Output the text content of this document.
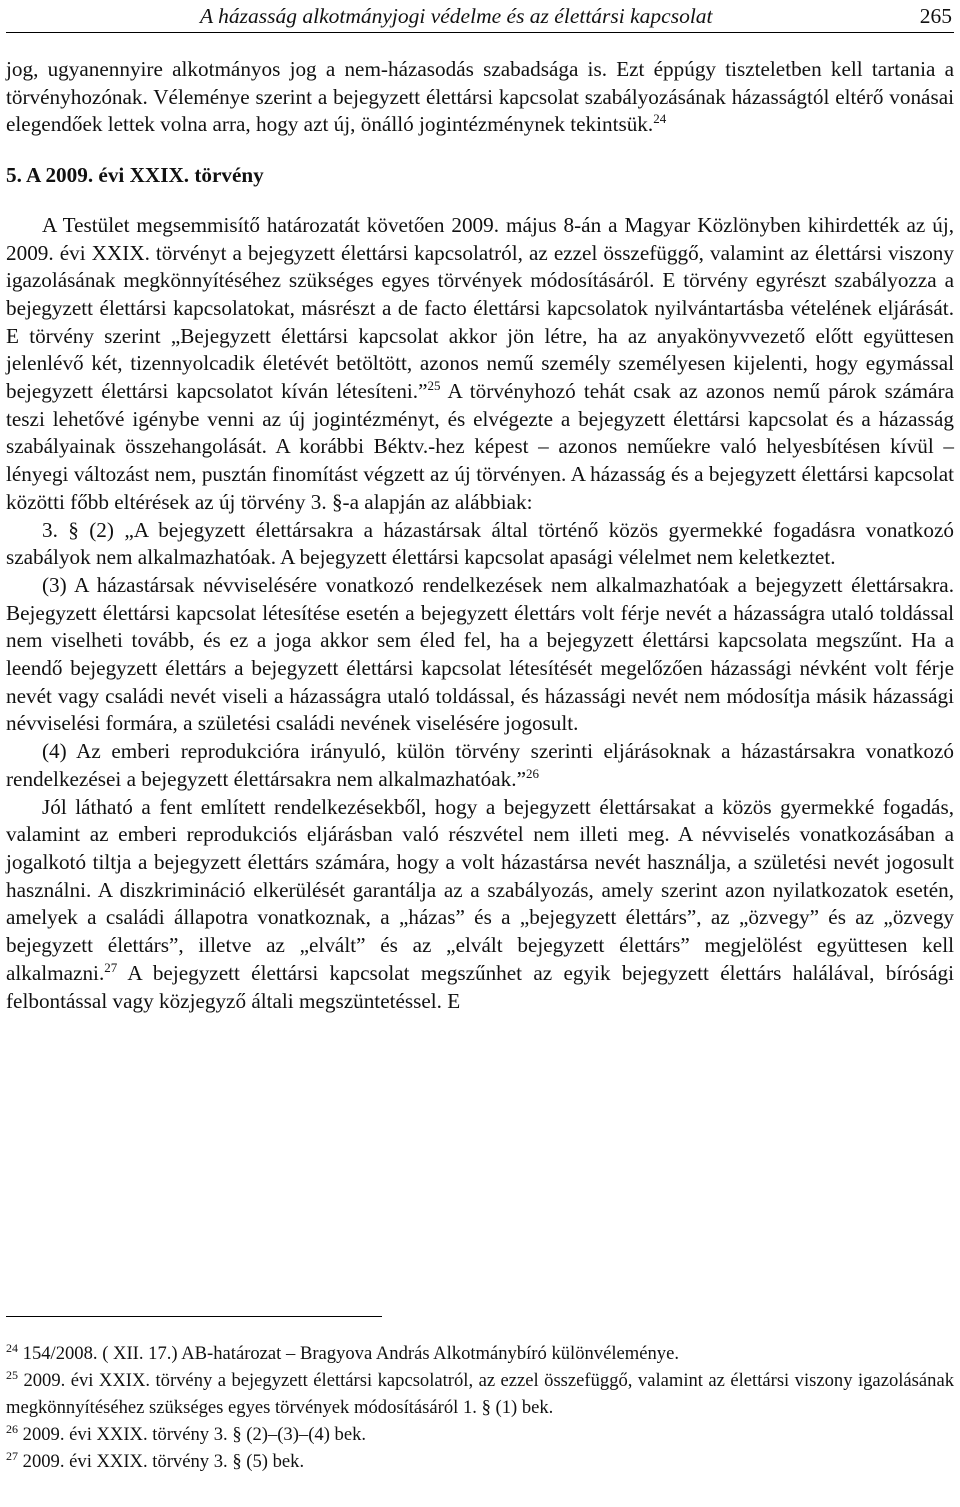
A házasság alkotmányjogi védelme és az élettársi kapcsolat	265

jog, ugyanennyire alkotmányos jog a nem-házasodás szabadsága is. Ezt éppúgy tiszteletben kell tartania a törvényhozónak. Véleménye szerint a bejegyzett élettársi kapcsolat szabályozásának házasságtól eltérő vonásai elegendőek lettek volna arra, hogy azt új, önálló jogintézménynek tekintsük.$^{24}$

5. A 2009. évi XXIX. törvény

A Testület megsemmisítő határozatát követően 2009. május 8-án a Magyar Közlönyben kihirdették az új, 2009. évi XXIX. törvényt a bejegyzett élettársi kapcsolatról, az ezzel összefüggő, valamint az élettársi viszony igazolásának megkönnyítéséhez szükséges egyes törvények módosításáról. E törvény egyrészt szabályozza a bejegyzett élettársi kapcsolatokat, másrészt a de facto élettársi kapcsolatok nyilvántartásba vételének eljárását. E törvény szerint „Bejegyzett élettársi kapcsolat akkor jön létre, ha az anyakönyvvezető előtt együttesen jelenlévő két, tizennyolcadik életévét betöltött, azonos nemű személy személyesen kijelenti, hogy egymással bejegyzett élettársi kapcsolatot kíván létesíteni.”$^{25}$ A törvényhozó tehát csak az azonos nemű párok számára teszi lehetővé igénybe venni az új jogintézményt, és elvégezte a bejegyzett élettársi kapcsolat és a házasság szabályainak összehangolását. A korábbi Béktv.-hez képest – azonos neműekre való helyesbítésen kívül – lényegi változást nem, pusztán finomítást végzett az új törvényen. A házasság és a bejegyzett élettársi kapcsolat közötti főbb eltérések az új törvény 3. §-a alapján az alábbiak:

3. § (2) „A bejegyzett élettársakra a házastársak által történő közös gyermekké fogadásra vonatkozó szabályok nem alkalmazhatóak. A bejegyzett élettársi kapcsolat apasági vélelmet nem keletkeztet.

(3) A házastársak névviselésére vonatkozó rendelkezések nem alkalmazhatóak a bejegyzett élettársakra. Bejegyzett élettársi kapcsolat létesítése esetén a bejegyzett élettárs volt férje nevét a házasságra utaló toldással nem viselheti tovább, és ez a joga akkor sem éled fel, ha a bejegyzett élettársi kapcsolata megszűnt. Ha a leendő bejegyzett élettárs a bejegyzett élettársi kapcsolat létesítését megelőzően házassági névként volt férje nevét vagy családi nevét viseli a házasságra utaló toldással, és házassági nevét nem módosítja másik házassági névviselési formára, a születési családi nevének viselésére jogosult.

(4) Az emberi reprodukcióra irányuló, külön törvény szerinti eljárásoknak a házastársakra vonatkozó rendelkezései a bejegyzett élettársakra nem alkalmazhatóak.”$^{26}$

Jól látható a fent említett rendelkezésekből, hogy a bejegyzett élettársakat a közös gyermekké fogadás, valamint az emberi reprodukciós eljárásban való részvétel nem illeti meg. A névviselés vonatkozásában a jogalkotó tiltja a bejegyzett élettárs számára, hogy a volt házastársa nevét használja, a születési nevét jogosult használni. A diszkrimináció elkerülését garantálja az a szabályozás, amely szerint azon nyilatkozatok esetén, amelyek a családi állapotra vonatkoznak, a „házas” és a „bejegyzett élettárs”, az „özvegy” és az „özvegy bejegyzett élettárs”, illetve az „elvált” és az „elvált bejegyzett élettárs” megjelölést együttesen kell alkalmazni.$^{27}$ A bejegyzett élettársi kapcsolat megszűnhet az egyik bejegyzett élettárs halálával, bírósági felbontással vagy közjegyző általi megszüntetéssel. E

$^{24}$ 154/2008. ( XII. 17.) AB-határozat – Bragyova András Alkotmánybíró különvéleménye.

$^{25}$ 2009. évi XXIX. törvény a bejegyzett élettársi kapcsolatról, az ezzel összefüggő, valamint az élettársi viszony igazolásának megkönnyítéséhez szükséges egyes törvények módosításáról 1. § (1) bek.

$^{26}$ 2009. évi XXIX. törvény 3. § (2)–(3)–(4) bek.

$^{27}$ 2009. évi XXIX. törvény 3. § (5) bek.
